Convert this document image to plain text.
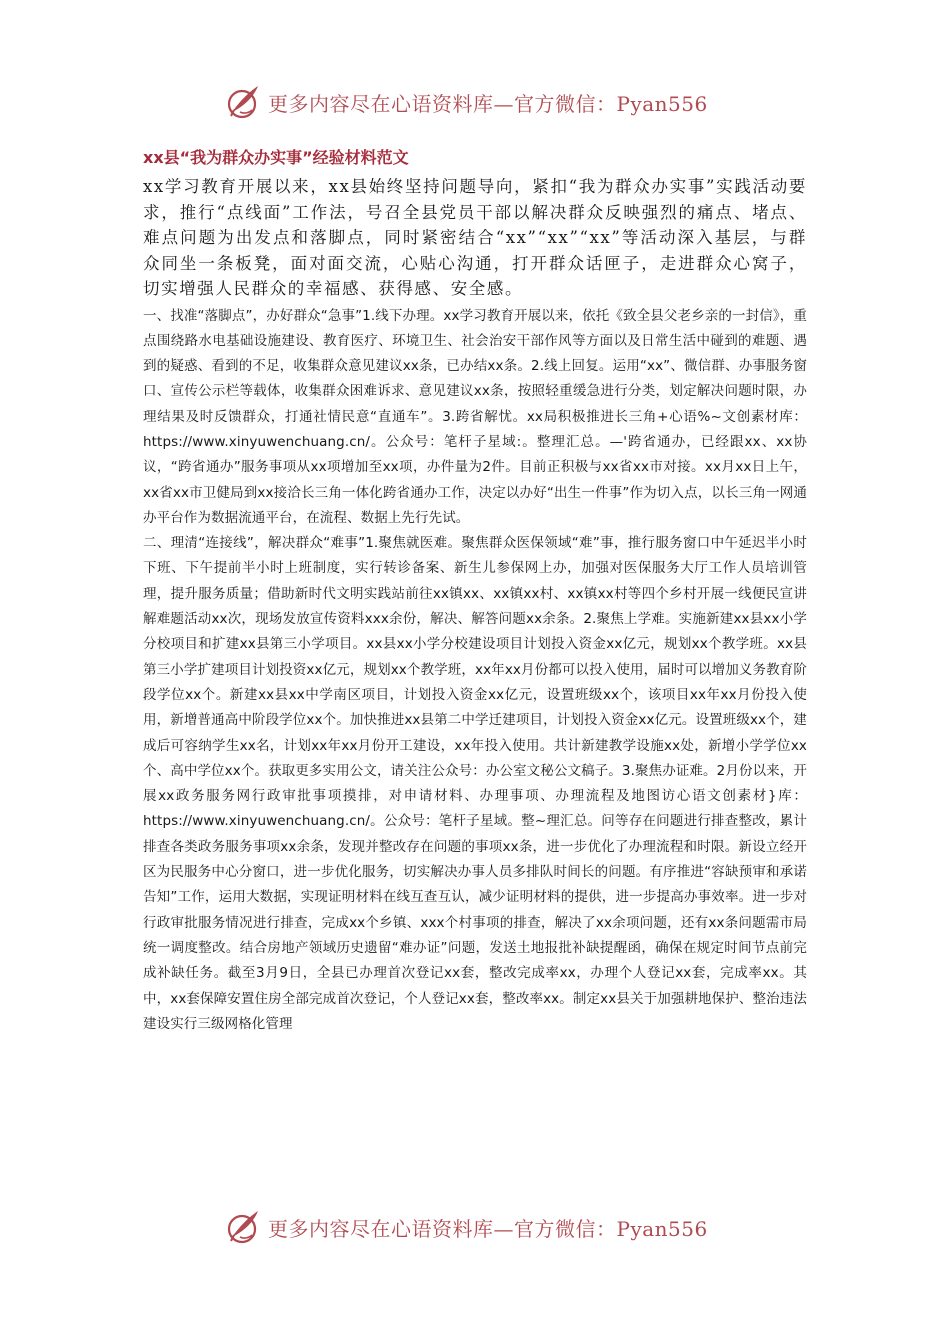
更多内容尽在心语资料库—官方微信：Pyan556
xx县“我为群众办实事”经验材料范文

xx学习教育开展以来，xx县始终坚持问题导向，紧扣“我为群众办实事”实践活动要求，推行“点线面”工作法，号召全县党员干部以解决群众反映强烈的痛点、堵点、难点问题为出发点和落脚点，同时紧密结合“xx”“xx”“xx”等活动深入基层，与群众同坐一条板凳，面对面交流，心贴心沟通，打开群众话匣子，走进群众心窝子，切实增强人民群众的幸福感、获得感、安全感。

一、找准“落脚点”，办好群众“急事”1.线下办理。xx学习教育开展以来，依托《致全县父老乡亲的一封信》，重点围绕路水电基础设施建设、教育医疗、环境卫生、社会治安干部作风等方面以及日常生活中碰到的难题、遇到的疑惑、看到的不足，收集群众意见建议xx条，已办结xx条。2.线上回复。运用“xx”、微信群、办事服务窗口、宣传公示栏等载体，收集群众困难诉求、意见建议xx条，按照轻重缓急进行分类，划定解决问题时限，办理结果及时反馈群众，打通社情民意“直通车”。3.跨省解忧。xx局积极推进长三角+心语%~文创素材库：https://www.xinyuwenchuang.cn/。公众号：笔杆子星域:。整理汇总。—'跨省通办，已经跟xx、xx协议，“跨省通办”服务事项从xx项增加至xx项，办件量为2件。目前正积极与xx省xx市对接。xx月xx日上午，xx省xx市卫健局到xx接洽长三角一体化跨省通办工作，决定以办好“出生一件事”作为切入点，以长三角一网通办平台作为数据流通平台，在流程、数据上先行先试。

二、理清“连接线”，解决群众“难事”1.聚焦就医难。聚焦群众医保领域“难”事，推行服务窗口中午延迟半小时下班、下午提前半小时上班制度，实行转诊备案、新生儿参保网上办，加强对医保服务大厅工作人员培训管理，提升服务质量；借助新时代文明实践站前往xx镇xx、xx镇xx村、xx镇xx村等四个乡村开展一线便民宣讲解难题活动xx次，现场发放宣传资料xxx余份，解决、解答问题xx余条。2.聚焦上学难。实施新建xx县xx小学分校项目和扩建xx县第三小学项目。xx县xx小学分校建设项目计划投入资金xx亿元，规划xx个教学班。xx县第三小学扩建项目计划投资xx亿元，规划xx个教学班，xx年xx月份都可以投入使用，届时可以增加义务教育阶段学位xx个。新建xx县xx中学南区项目，计划投入资金xx亿元，设置班级xx个，该项目xx年xx月份投入使用，新增普通高中阶段学位xx个。加快推进xx县第二中学迁建项目，计划投入资金xx亿元。设置班级xx个，建成后可容纳学生xx名，计划xx年xx月份开工建设，xx年投入使用。共计新建教学设施xx处，新增小学学位xx个、高中学位xx个。获取更多实用公文，请关注公众号：办公室文秘公文稿子。3.聚焦办证难。2月份以来，开展xx政务服务网行政审批事项摸排，对申请材料、办理事项、办理流程及地图访心语文创素材}库：https://www.xinyuwenchuang.cn/。公众号：笔杆子星域。整~理汇总。问等存在问题进行排查整改，累计排查各类政务服务事项xx余条，发现并整改存在问题的事项xx条，进一步优化了办理流程和时限。新设立经开区为民服务中心分窗口，进一步优化服务，切实解决办事人员多排队时间长的问题。有序推进“容缺预审和承诺告知”工作，运用大数据，实现证明材料在线互查互认，减少证明材料的提供，进一步提高办事效率。进一步对行政审批服务情况进行排查，完成xx个乡镇、xxx个村事项的排查，解决了xx余项问题，还有xx条问题需市局统一调度整改。结合房地产领域历史遗留“难办证”问题，发送土地报批补缺提醒函，确保在规定时间节点前完成补缺任务。截至3月9日，全县已办理首次登记xx套，整改完成率xx，办理个人登记xx套，完成率xx。其中，xx套保障安置住房全部完成首次登记，个人登记xx套，整改率xx。制定xx县关于加强耕地保护、整治违法建设实行三级网格化管理

更多内容尽在心语资料库—官方微信：Pyan556
